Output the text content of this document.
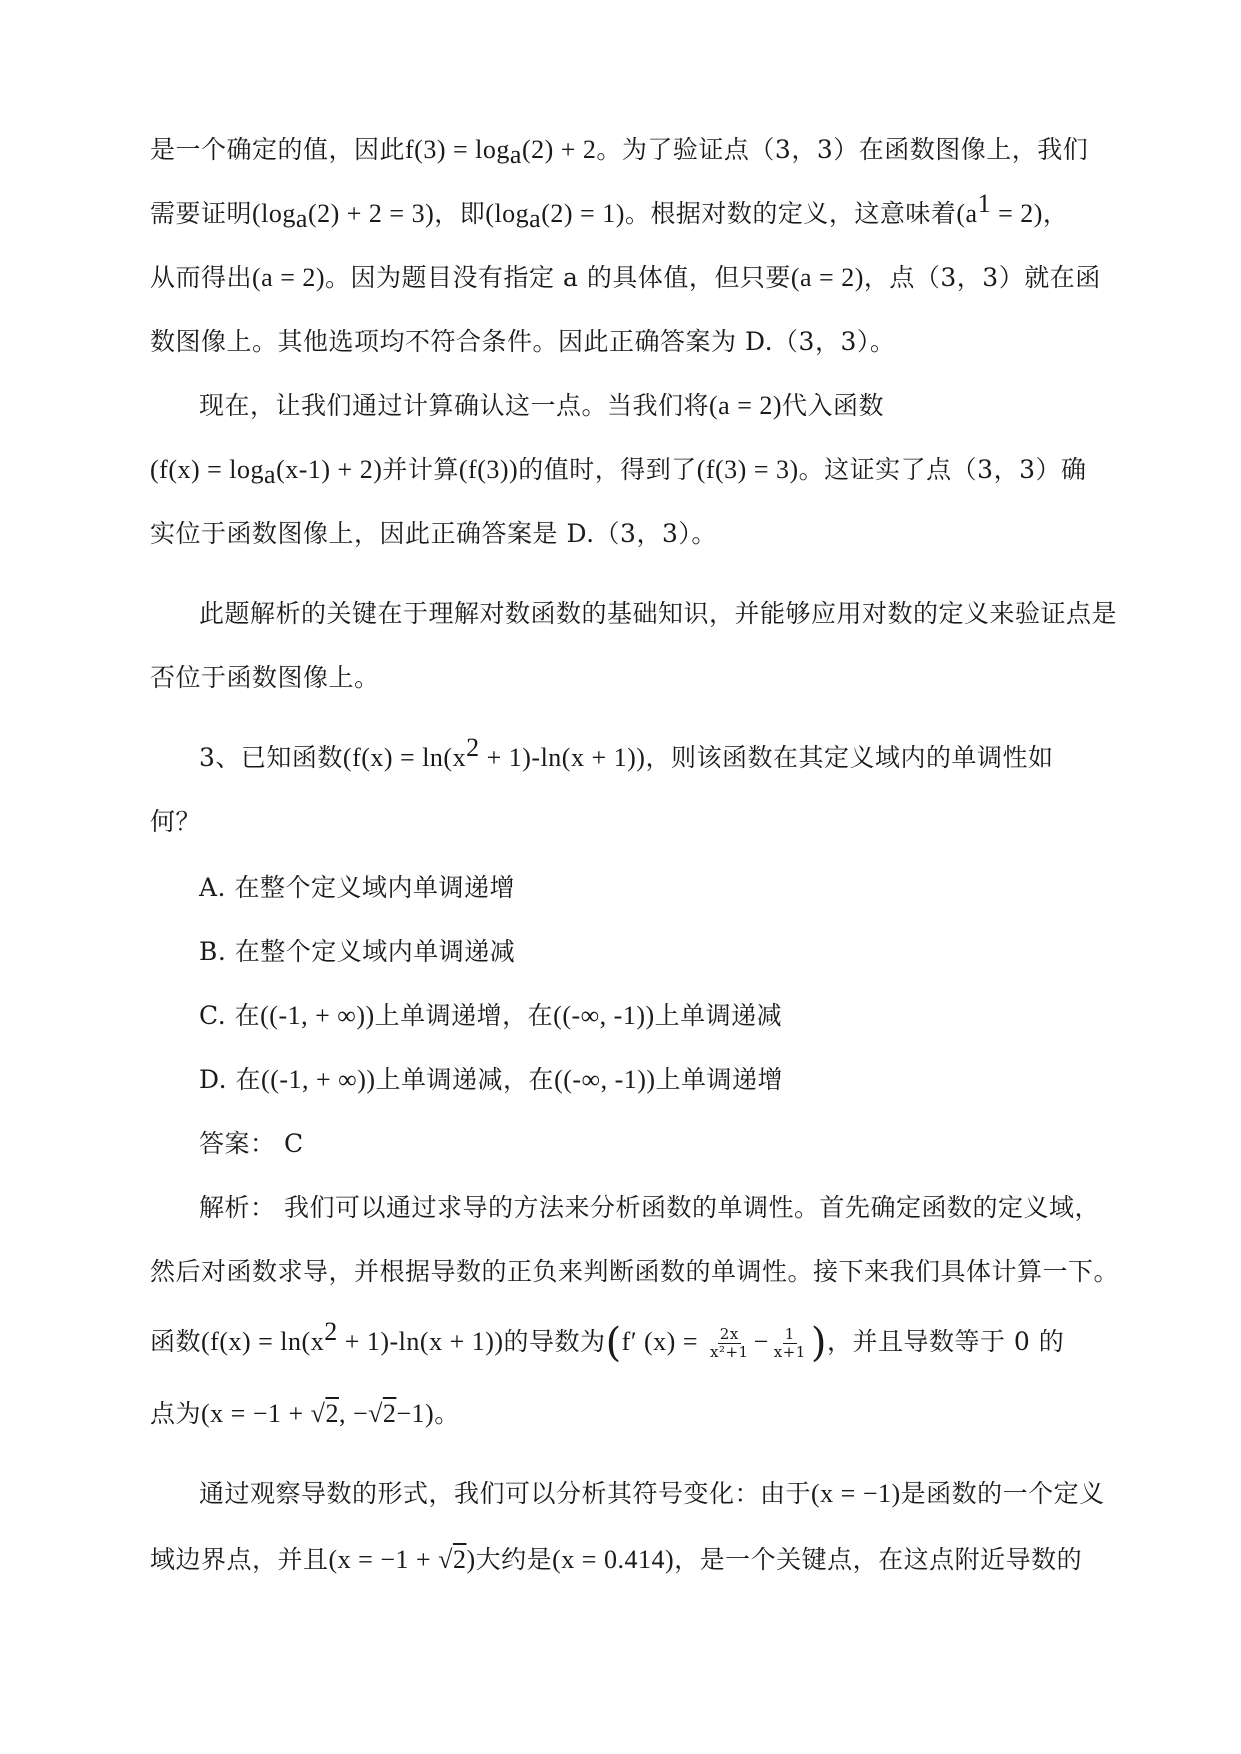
是一个确定的值，因此$f(3) = \log_a(2) + 2$。为了验证点（3，3）在函数图像上，我们
需要证明$(\log_a(2) + 2 = 3)$，即$(\log_a(2) = 1)$。根据对数的定义，这意味着$(a^1 = 2)$，
从而得出(a = 2)。因为题目没有指定 a 的具体值，但只要(a = 2)，点（3，3）就在函
数图像上。其他选项均不符合条件。因此正确答案为 D.（3，3）。
现在，让我们通过计算确认这一点。当我们将(a = 2)代入函数
$(f(x) = \log_a(x-1) + 2)$并计算(f(3))的值时，得到了(f(3) = 3)。这证实了点（3，3）确
实位于函数图像上，因此正确答案是 D.（3，3）。
此题解析的关键在于理解对数函数的基础知识，并能够应用对数的定义来验证点是
否位于函数图像上。
3、已知函数$(f(x) = \ln(x^2 + 1)-\ln(x + 1))$，则该函数在其定义域内的单调性如
何？
A. 在整个定义域内单调递增
B. 在整个定义域内单调递减
C. 在((-1, + ∞))上单调递增，在((-∞, -1))上单调递减
D. 在((-1, + ∞))上单调递减，在((-∞, -1))上单调递增
答案： C
解析： 我们可以通过求导的方法来分析函数的单调性。首先确定函数的定义域，
然后对函数求导，并根据导数的正负来判断函数的单调性。接下来我们具体计算一下。
函数$(f(x) = \ln(x^2 + 1)-\ln(x + 1))$的导数为(f′ $(x) = \frac{2x}{\text{x²+1}} - \frac{1}{x+1}$ )，并且导数等于 0 的
点为(x = −1 + √2, −√2−1)。
通过观察导数的形式，我们可以分析其符号变化：由于(x = −1)是函数的一个定义
域边界点，并且(x = −1 + √2)大约是(x = 0.414)，是一个关键点，在这点附近导数的
